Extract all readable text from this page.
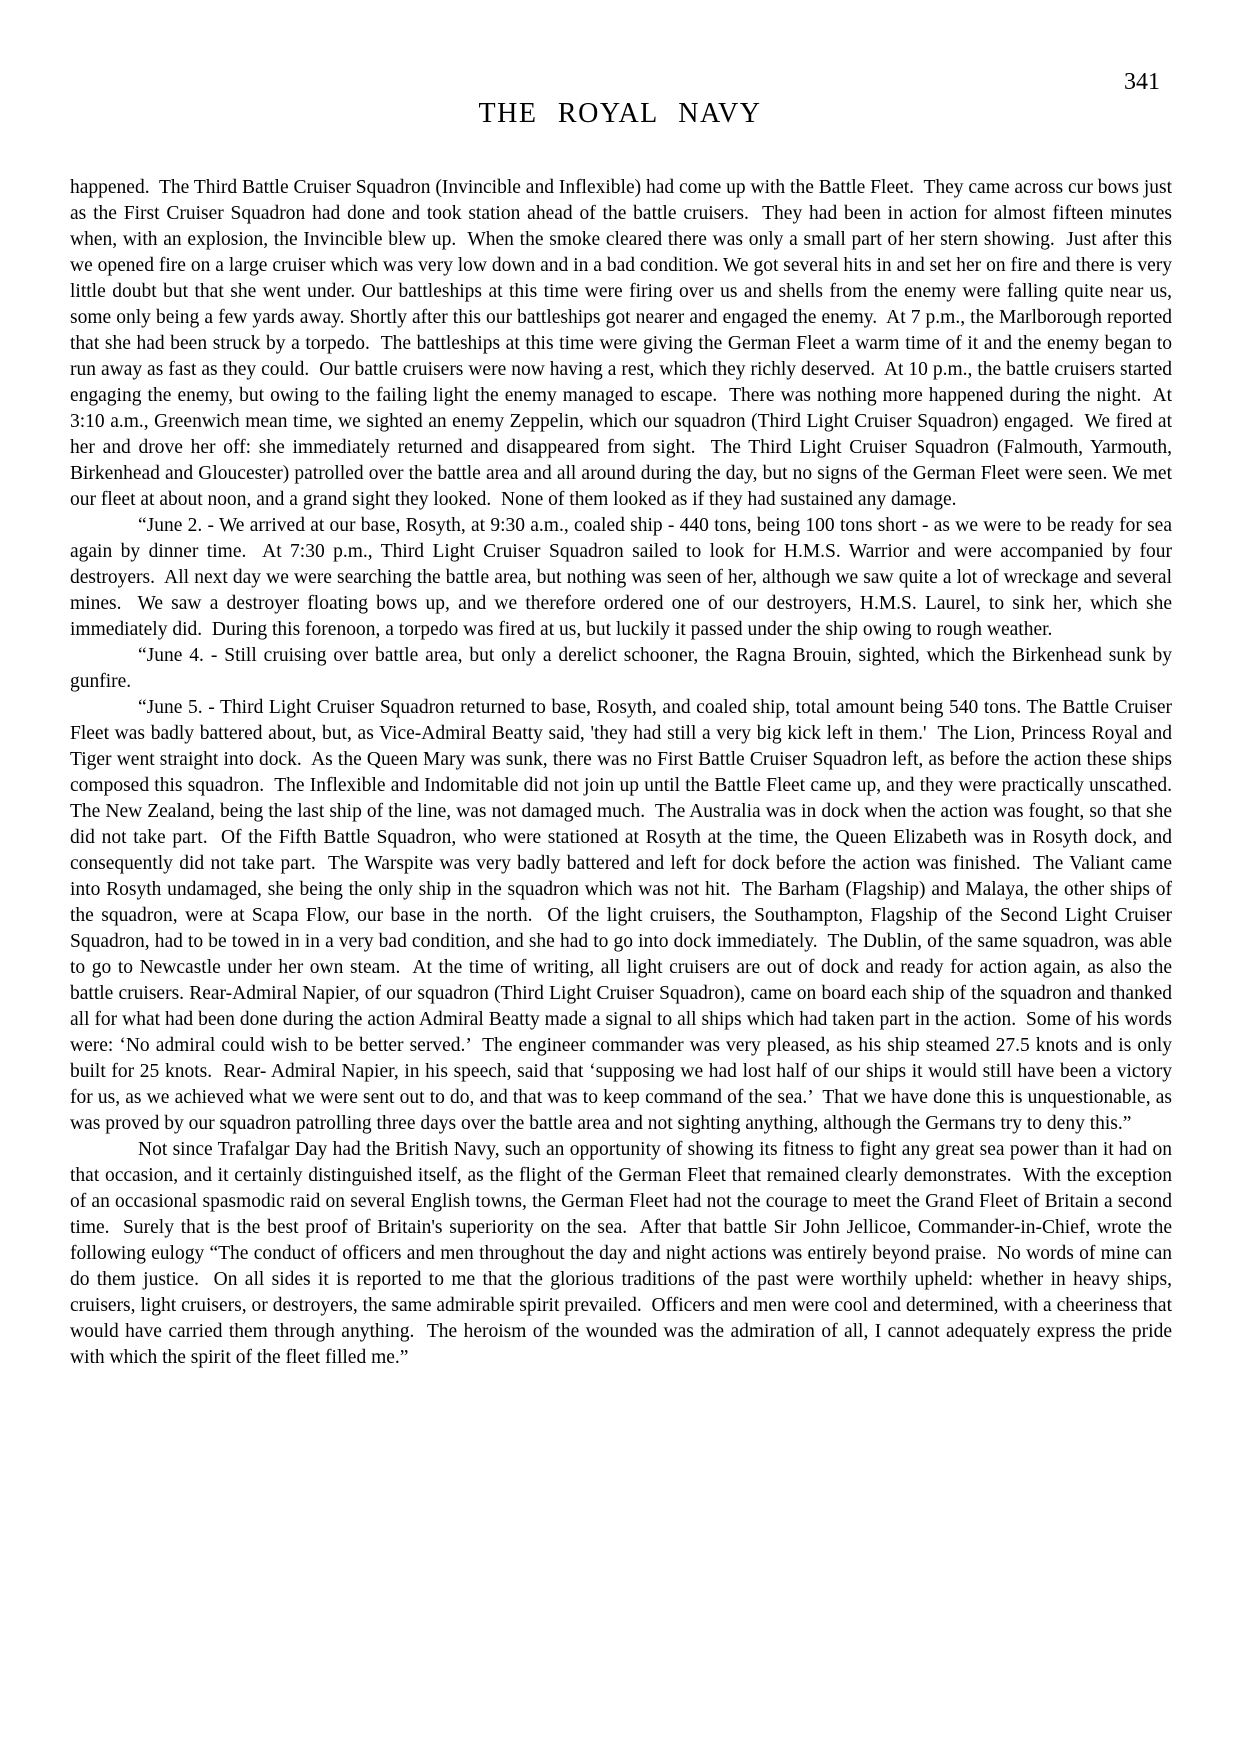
341
THE ROYAL NAVY

happened.  The Third Battle Cruiser Squadron (Invincible and Inflexible) had come up with the Battle Fleet.  They came across cur bows just as the First Cruiser Squadron had done and took station ahead of the battle cruisers.  They had been in action for almost fifteen minutes when, with an explosion, the Invincible blew up.  When the smoke cleared there was only a small part of her stern showing.  Just after this we opened fire on a large cruiser which was very low down and in a bad condition. We got several hits in and set her on fire and there is very little doubt but that she went under. Our battleships at this time were firing over us and shells from the enemy were falling quite near us, some only being a few yards away. Shortly after this our battleships got nearer and engaged the enemy.  At 7 p.m., the Marlborough reported that she had been struck by a torpedo.  The battleships at this time were giving the German Fleet a warm time of it and the enemy began to run away as fast as they could.  Our battle cruisers were now having a rest, which they richly deserved.  At 10 p.m., the battle cruisers started engaging the enemy, but owing to the failing light the enemy managed to escape.  There was nothing more happened during the night.  At 3:10 a.m., Greenwich mean time, we sighted an enemy Zeppelin, which our squadron (Third Light Cruiser Squadron) engaged.  We fired at her and drove her off: she immediately returned and disappeared from sight.  The Third Light Cruiser Squadron (Falmouth, Yarmouth, Birkenhead and Gloucester) patrolled over the battle area and all around during the day, but no signs of the German Fleet were seen. We met our fleet at about noon, and a grand sight they looked.  None of them looked as if they had sustained any damage.

“June 2. - We arrived at our base, Rosyth, at 9:30 a.m., coaled ship - 440 tons, being 100 tons short - as we were to be ready for sea again by dinner time.  At 7:30 p.m., Third Light Cruiser Squadron sailed to look for H.M.S. Warrior and were accompanied by four destroyers.  All next day we were searching the battle area, but nothing was seen of her, although we saw quite a lot of wreckage and several mines.  We saw a destroyer floating bows up, and we therefore ordered one of our destroyers, H.M.S. Laurel, to sink her, which she immediately did.  During this forenoon, a torpedo was fired at us, but luckily it passed under the ship owing to rough weather.

“June 4. - Still cruising over battle area, but only a derelict schooner, the Ragna Brouin, sighted, which the Birkenhead sunk by gunfire.

“June 5. - Third Light Cruiser Squadron returned to base, Rosyth, and coaled ship, total amount being 540 tons. The Battle Cruiser Fleet was badly battered about, but, as Vice-Admiral Beatty said, 'they had still a very big kick left in them.'  The Lion, Princess Royal and Tiger went straight into dock.  As the Queen Mary was sunk, there was no First Battle Cruiser Squadron left, as before the action these ships composed this squadron.  The Inflexible and Indomitable did not join up until the Battle Fleet came up, and they were practically unscathed.  The New Zealand, being the last ship of the line, was not damaged much.  The Australia was in dock when the action was fought, so that she did not take part.  Of the Fifth Battle Squadron, who were stationed at Rosyth at the time, the Queen Elizabeth was in Rosyth dock, and consequently did not take part.  The Warspite was very badly battered and left for dock before the action was finished.  The Valiant came into Rosyth undamaged, she being the only ship in the squadron which was not hit.  The Barham (Flagship) and Malaya, the other ships of the squadron, were at Scapa Flow, our base in the north.  Of the light cruisers, the Southampton, Flagship of the Second Light Cruiser Squadron, had to be towed in in a very bad condition, and she had to go into dock immediately.  The Dublin, of the same squadron, was able to go to Newcastle under her own steam.  At the time of writing, all light cruisers are out of dock and ready for action again, as also the battle cruisers. Rear-Admiral Napier, of our squadron (Third Light Cruiser Squadron), came on board each ship of the squadron and thanked all for what had been done during the action Admiral Beatty made a signal to all ships which had taken part in the action.  Some of his words were: ‘No admiral could wish to be better served.’  The engineer commander was very pleased, as his ship steamed 27.5 knots and is only built for 25 knots.  Rear- Admiral Napier, in his speech, said that ‘supposing we had lost half of our ships it would still have been a victory for us, as we achieved what we were sent out to do, and that was to keep command of the sea.’  That we have done this is unquestionable, as was proved by our squadron patrolling three days over the battle area and not sighting anything, although the Germans try to deny this.”

Not since Trafalgar Day had the British Navy, such an opportunity of showing its fitness to fight any great sea power than it had on that occasion, and it certainly distinguished itself, as the flight of the German Fleet that remained clearly demonstrates.  With the exception of an occasional spasmodic raid on several English towns, the German Fleet had not the courage to meet the Grand Fleet of Britain a second time.  Surely that is the best proof of Britain's superiority on the sea.  After that battle Sir John Jellicoe, Commander-in-Chief, wrote the following eulogy “The conduct of officers and men throughout the day and night actions was entirely beyond praise.  No words of mine can do them justice.  On all sides it is reported to me that the glorious traditions of the past were worthily upheld: whether in heavy ships, cruisers, light cruisers, or destroyers, the same admirable spirit prevailed.  Officers and men were cool and determined, with a cheeriness that would have carried them through anything.  The heroism of the wounded was the admiration of all, I cannot adequately express the pride with which the spirit of the fleet filled me.”
